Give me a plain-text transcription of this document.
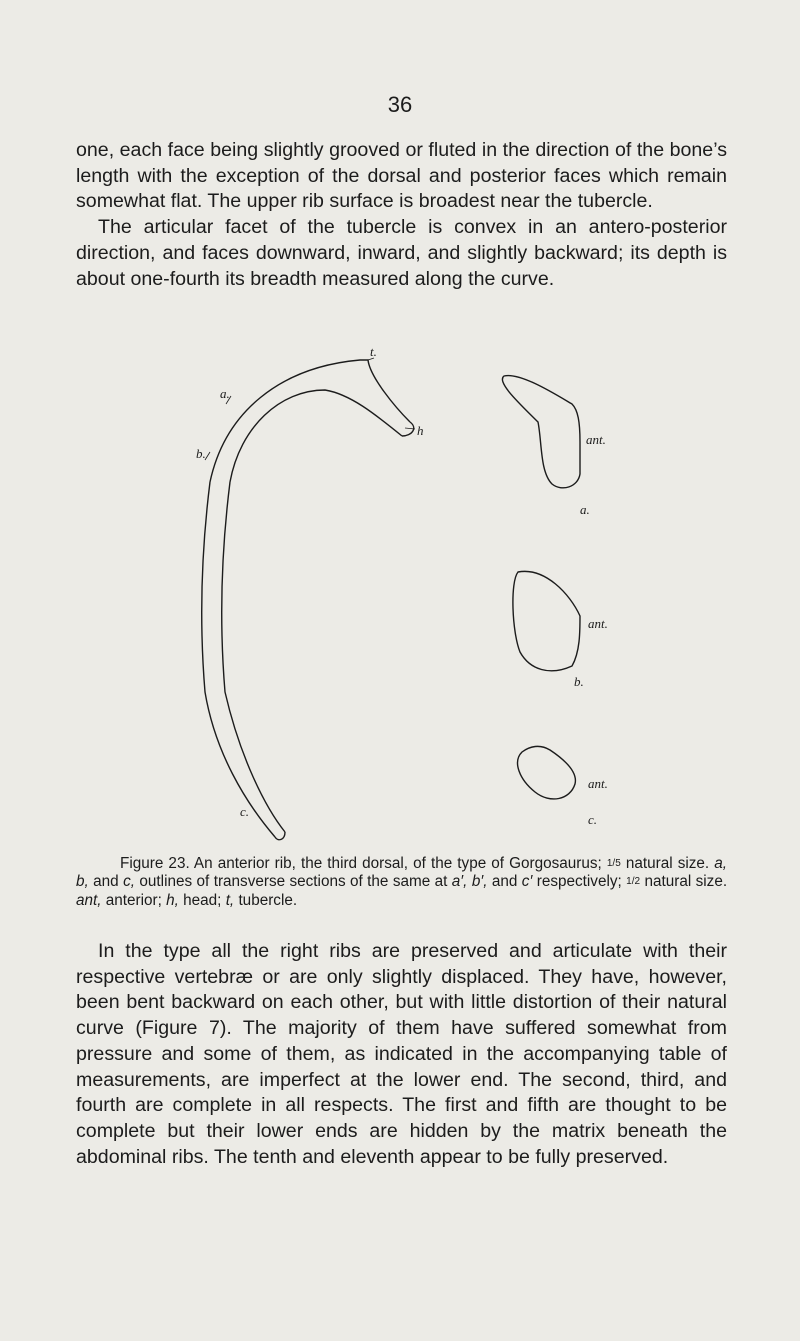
36

one, each face being slightly grooved or fluted in the direction of the bone’s length with the exception of the dorsal and posterior faces which remain somewhat flat. The upper rib surface is broadest near the tubercle.

The articular facet of the tubercle is convex in an antero-posterior direction, and faces downward, inward, and slightly backward; its depth is about one-fourth its breadth measured along the curve.

t.
h
a.
b.
c.
ant.
a.
ant.
b.
ant.
c.

Figure 23. An anterior rib, the third dorsal, of the type of Gorgosaurus; 1/5 natural size. a, b, and c, outlines of transverse sections of the same at a′, b′, and c′ respectively; 1/2 natural size. ant, anterior; h, head; t, tubercle.

In the type all the right ribs are preserved and articulate with their respective vertebræ or are only slightly displaced. They have, however, been bent backward on each other, but with little distortion of their natural curve (Figure 7). The majority of them have suffered somewhat from pressure and some of them, as indicated in the accompanying table of measurements, are imperfect at the lower end. The second, third, and fourth are complete in all respects. The first and fifth are thought to be complete but their lower ends are hidden by the matrix beneath the abdominal ribs. The tenth and eleventh appear to be fully preserved.
